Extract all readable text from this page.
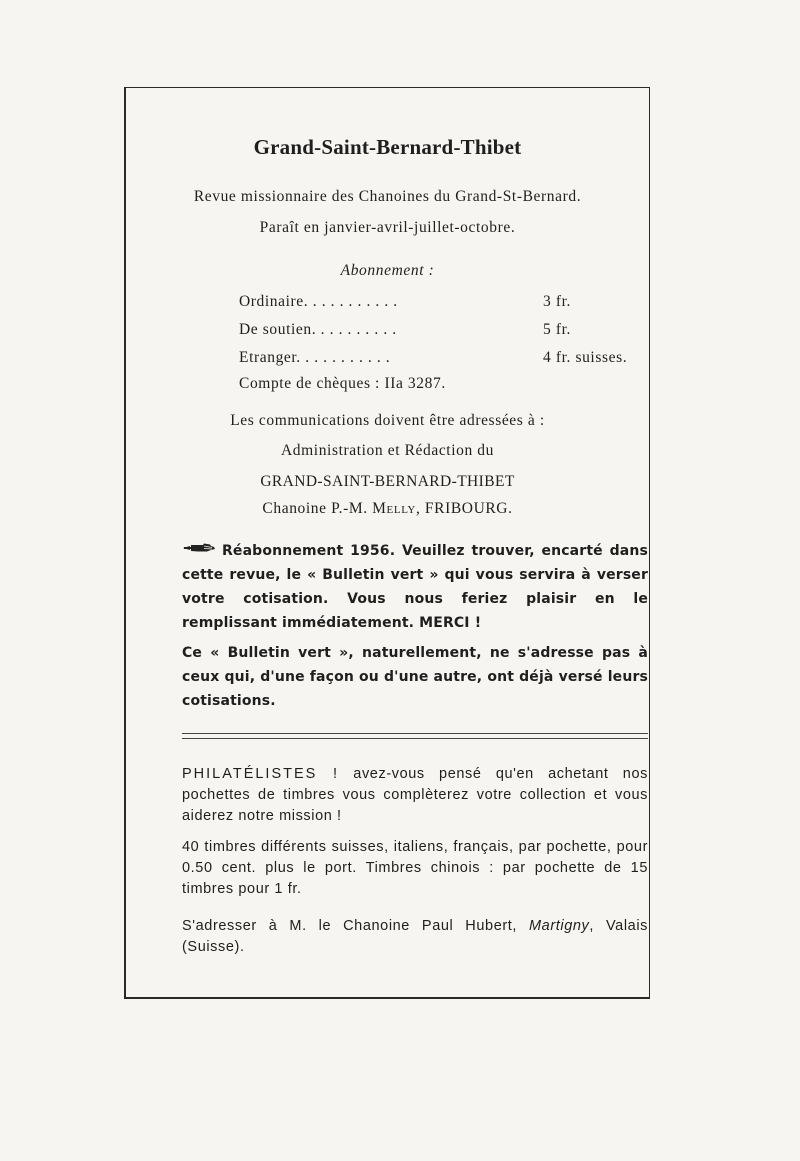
Grand-Saint-Bernard-Thibet
Revue missionnaire des Chanoines du Grand-St-Bernard.
Paraît en janvier-avril-juillet-octobre.
Abonnement :
Ordinaire. . . . . . . . . . .	3 fr.
De soutien. . . . . . . . . .	5 fr.
Etranger. . . . . . . . . . .	4 fr. suisses.
Compte de chèques : IIa 3287.
Les communications doivent être adressées à :
Administration et Rédaction du
GRAND-SAINT-BERNARD-THIBET
Chanoine P.-M. Melly, FRIBOURG.
Réabonnement 1956. Veuillez trouver, encarté dans cette revue, le « Bulletin vert » qui vous servira à verser votre cotisation. Vous nous feriez plaisir en le remplissant immédiatement. MERCI !
Ce « Bulletin vert », naturellement, ne s'adresse pas à ceux qui, d'une façon ou d'une autre, ont déjà versé leurs cotisations.
PHILATÉLISTES ! avez-vous pensé qu'en achetant nos pochettes de timbres vous complèterez votre collection et vous aiderez notre mission !
40 timbres différents suisses, italiens, français, par pochette, pour 0.50 cent. plus le port. Timbres chinois : par pochette de 15 timbres pour 1 fr.
S'adresser à M. le Chanoine Paul Hubert, Martigny, Valais (Suisse).
